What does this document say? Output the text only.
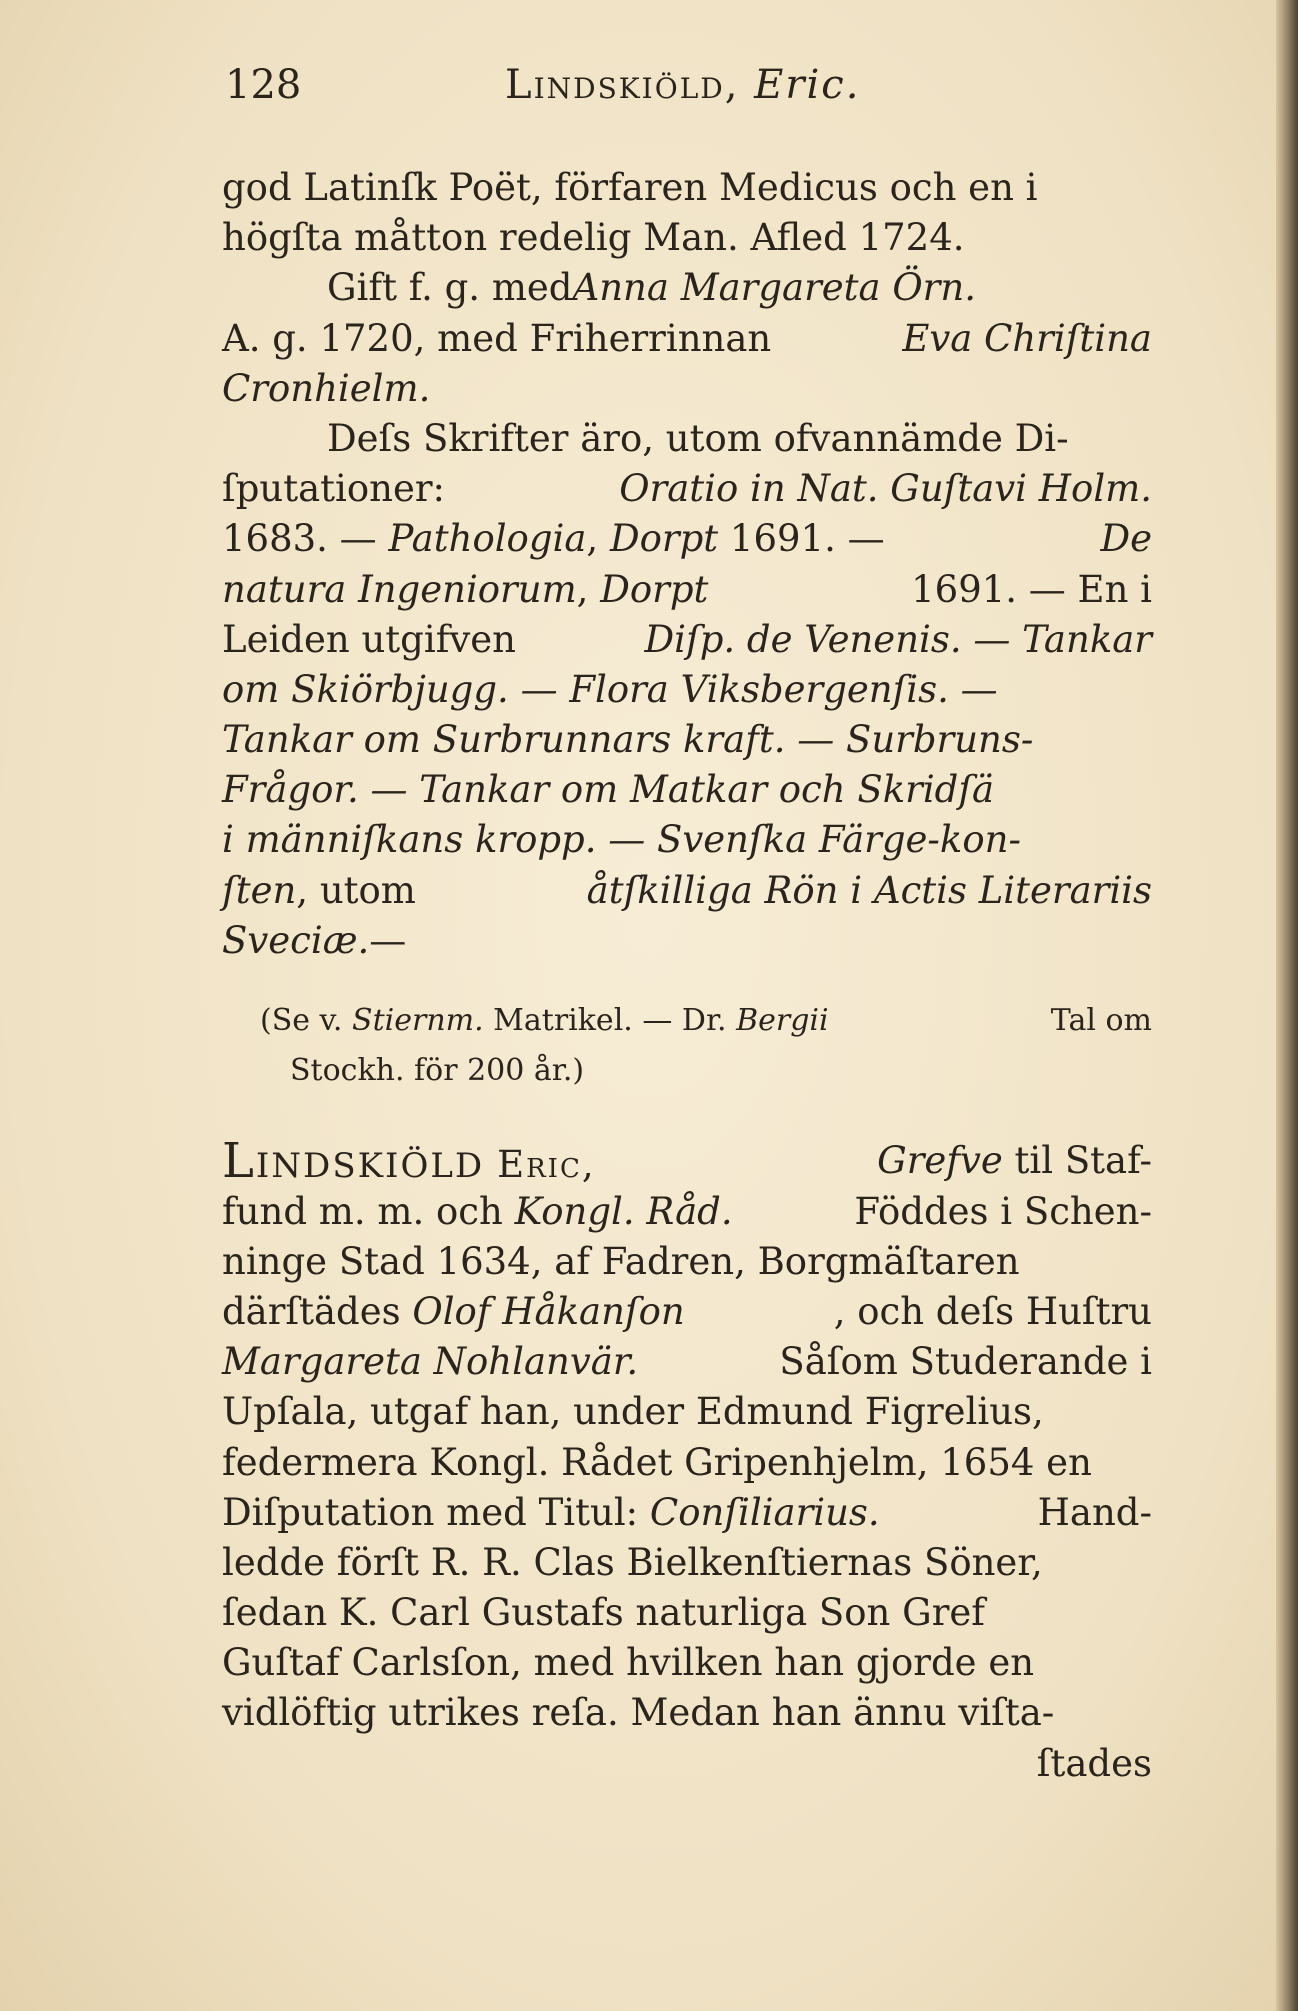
128	Lindskiöld, Eric.
god Latinſk Poët, förfaren Medicus och en i
högſta måtton redelig Man. Afled 1724.
Gift f. g. med Anna Margareta Örn.
A. g. 1720, med Friherrinnan	Eva Chriſtina
Cronhielm.
Deſs Skrifter äro, utom ofvannämde Di-
ſputationer:	Oratio in Nat. Guſtavi Holm.
1683. — Pathologia, Dorpt 1691. —	De
natura Ingeniorum, Dorpt	1691. — En i
Leiden utgifven	Diſp. de Venenis. — Tankar
om Skiörbjugg. — Flora Viksbergenſis. —
Tankar om Surbrunnars kraft. — Surbruns-
Frågor. — Tankar om Matkar och Skridſä
i männiſkans kropp. — Svenſka Färge-kon-
ſten, utom	åtſkilliga Rön i Actis Literariis
Sveciæ. —
(Se v. Stiernm. Matrikel. — Dr. Bergii	Tal om
Stockh. för 200 år.)
Lindskiöld Eric,	Grefve til Staf-
fund m. m. och Kongl. Råd.	Föddes i Schen-
ninge Stad 1634, af Fadren, Borgmäſtaren
därſtädes Olof Håkanſon	, och deſs Huſtru
Margareta Nohlanvär.	Såſom Studerande i
Upſala, utgaf han, under Edmund Figrelius,
federmera Kongl. Rådet Gripenhjelm, 1654 en
Diſputation med Titul: Conſiliarius.	Hand-
ledde förſt R. R. Clas Bielkenſtiernas Söner,
ſedan K. Carl Gustafs naturliga Son Gref
Guſtaf Carlsſon, med hvilken han gjorde en
vidlöftig utrikes reſa. Medan han ännu viſta-
ſtades
